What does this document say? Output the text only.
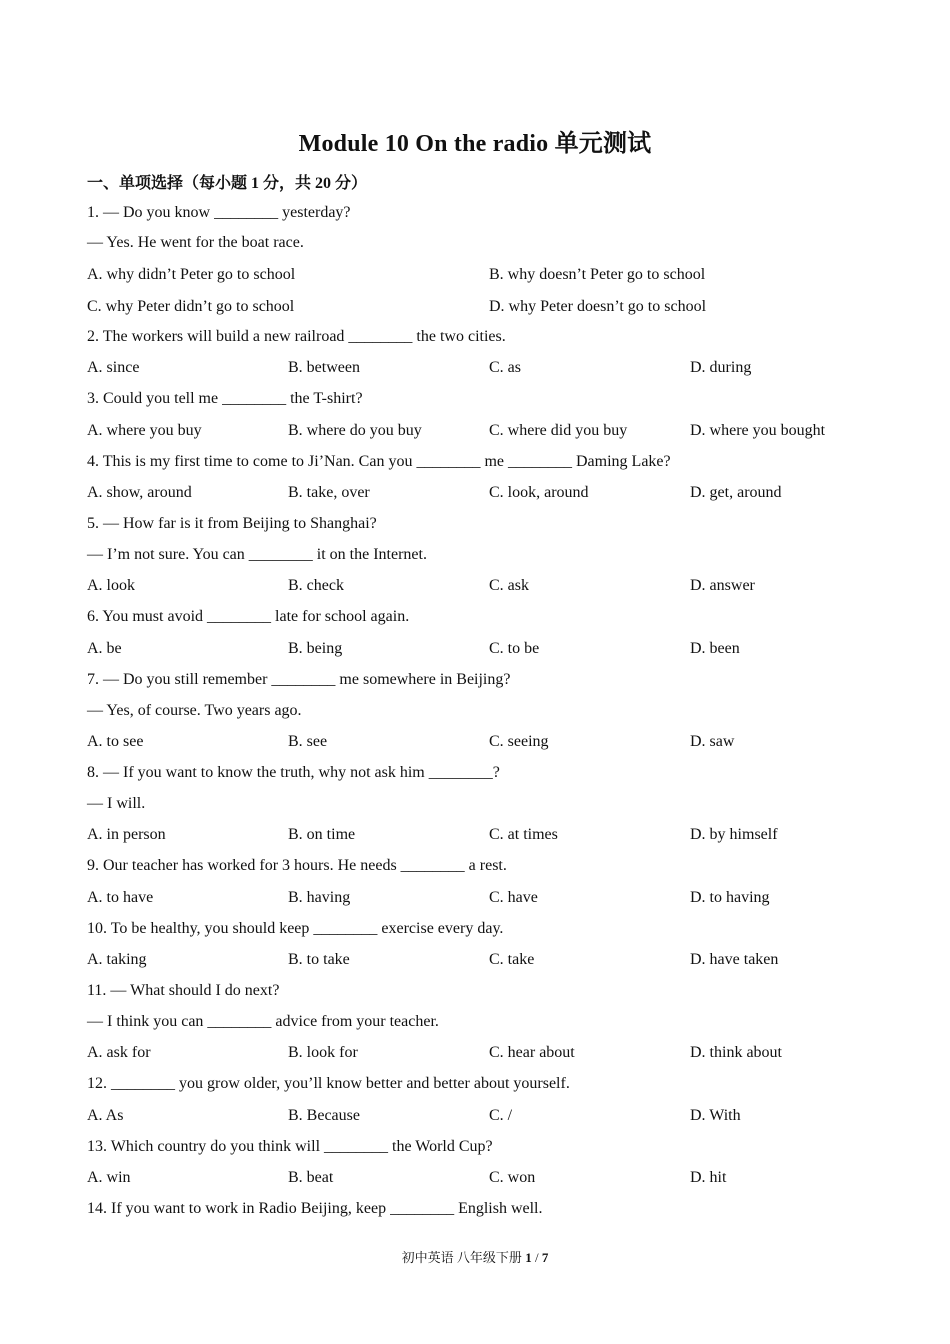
Module 10 On the radio 单元测试
一、单项选择（每小题 1 分，共 20 分）
1. — Do you know ________ yesterday?
— Yes. He went for the boat race.
A. why didn’t Peter go to school	B. why doesn’t Peter go to school
C. why Peter didn’t go to school	D. why Peter doesn’t go to school
2. The workers will build a new railroad ________ the two cities.
A. since	B. between	C. as	D. during
3. Could you tell me ________ the T-shirt?
A. where you buy	B. where do you buy	C. where did you buy	D. where you bought
4. This is my first time to come to Ji’Nan. Can you ________ me ________ Daming Lake?
A. show, around	B. take, over	C. look, around	D. get, around
5. — How far is it from Beijing to Shanghai?
— I’m not sure. You can ________ it on the Internet.
A. look	B. check	C. ask	D. answer
6. You must avoid ________ late for school again.
A. be	B. being	C. to be	D. been
7. — Do you still remember ________ me somewhere in Beijing?
— Yes, of course. Two years ago.
A. to see	B. see	C. seeing	D. saw
8. — If you want to know the truth, why not ask him ________?
— I will.
A. in person	B. on time	C. at times	D. by himself
9. Our teacher has worked for 3 hours. He needs ________ a rest.
A. to have	B. having	C. have	D. to having
10. To be healthy, you should keep ________ exercise every day.
A. taking	B. to take	C. take	D. have taken
11. — What should I do next?
— I think you can ________ advice from your teacher.
A. ask for	B. look for	C. hear about	D. think about
12. ________ you grow older, you’ll know better and better about yourself.
A. As	B. Because	C. /	D. With
13. Which country do you think will ________ the World Cup?
A. win	B. beat	C. won	D. hit
14. If you want to work in Radio Beijing, keep ________ English well.
初中英语 八年级下册 1 / 7
